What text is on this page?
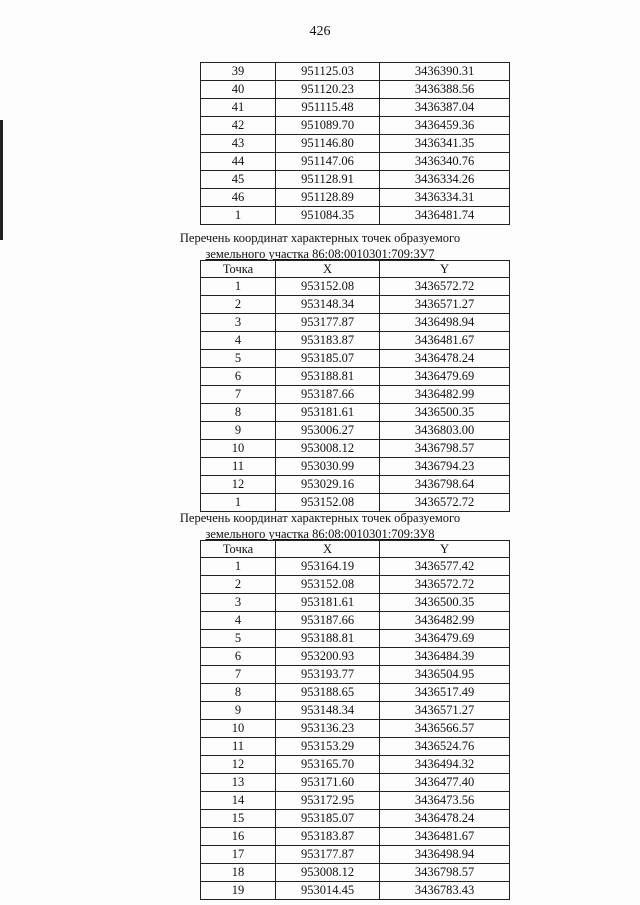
426
39	951125.03	3436390.31
40	951120.23	3436388.56
41	951115.48	3436387.04
42	951089.70	3436459.36
43	951146.80	3436341.35
44	951147.06	3436340.76
45	951128.91	3436334.26
46	951128.89	3436334.31
1	951084.35	3436481.74
Перечень координат характерных точек образуемого
земельного участка 86:08:0010301:709:ЗУ7
Точка	X	Y
1	953152.08	3436572.72
2	953148.34	3436571.27
3	953177.87	3436498.94
4	953183.87	3436481.67
5	953185.07	3436478.24
6	953188.81	3436479.69
7	953187.66	3436482.99
8	953181.61	3436500.35
9	953006.27	3436803.00
10	953008.12	3436798.57
11	953030.99	3436794.23
12	953029.16	3436798.64
1	953152.08	3436572.72
Перечень координат характерных точек образуемого
земельного участка 86:08:0010301:709:ЗУ8
Точка	X	Y
1	953164.19	3436577.42
2	953152.08	3436572.72
3	953181.61	3436500.35
4	953187.66	3436482.99
5	953188.81	3436479.69
6	953200.93	3436484.39
7	953193.77	3436504.95
8	953188.65	3436517.49
9	953148.34	3436571.27
10	953136.23	3436566.57
11	953153.29	3436524.76
12	953165.70	3436494.32
13	953171.60	3436477.40
14	953172.95	3436473.56
15	953185.07	3436478.24
16	953183.87	3436481.67
17	953177.87	3436498.94
18	953008.12	3436798.57
19	953014.45	3436783.43
